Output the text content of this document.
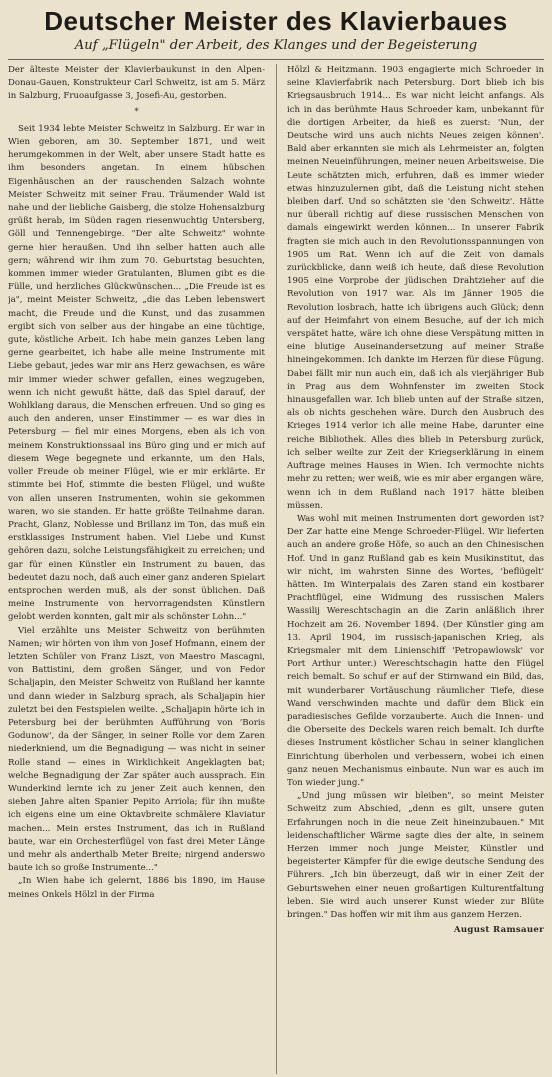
Deutscher Meister des Klavierbaues
Auf „Flügeln" der Arbeit, des Klanges und der Begeisterung

Der älteste Meister der Klavierbaukunst in den Alpen-Donau-Gauen, Konstrukteur Carl Schweitz, ist am 5. März in Salzburg, Fruoaufgasse 3, Josefi-Au, gestorben.

*

Seit 1934 lebte Meister Schweitz in Salzburg. Er war in Wien geboren, am 30. September 1871, und weit herumgekommen in der Welt, aber unsere Stadt hatte es ihm besonders angetan. In einem hübschen Eigenhäuschen an der rauschenden Salzach wohnte Meister Schweitz mit seiner Frau. Träumender Wald ist nahe und der liebliche Gaisberg, die stolze Hohensalzburg grüßt herab, im Süden ragen riesenwuchtig Untersberg, Göll und Tennengebirge. "Der alte Schweitz" wohnte gerne hier heraußen. Und ihn selber hatten auch alle gern; während wir ihm zum 70. Geburtstag besuchten, kommen immer wieder Gratulanten, Blumen gibt es die Fülle, und herzliches Glückwünschen... „Die Freude ist es ja", meint Meister Schweitz, „die das Leben lebenswert macht, die Freude und die Kunst, und das zusammen ergibt sich von selber aus der hingabe an eine tüchtige, gute, köstliche Arbeit. Ich habe mein ganzes Leben lang gerne gearbeitet, ich habe alle meine Instrumente mit Liebe gebaut, jedes war mir ans Herz gewachsen, es wäre mir immer wieder schwer gefallen, eines wegzugeben, wenn ich nicht gewußt hätte, daß das Spiel darauf, der Wohlklang daraus, die Menschen erfreuen. Und so ging es auch den anderen, unser Einstimmer — es war dies in Petersburg — fiel mir eines Morgens, eben als ich von meinem Konstruktionssaal ins Büro ging und er mich auf diesem Wege begegnete und erkannte, um den Hals, voller Freude ob meiner Flügel, wie er mir erklärte. Er stimmte bei Hof, stimmte die besten Flügel, und wußte von allen unseren Instrumenten, wohin sie gekommen waren, wo sie standen. Er hatte größte Teilnahme daran. Pracht, Glanz, Noblesse und Brillanz im Ton, das muß ein erstklassiges Instrument haben. Viel Liebe und Kunst gehören dazu, solche Leistungsfähigkeit zu erreichen; und gar für einen Künstler ein Instrument zu bauen, das bedeutet dazu noch, daß auch einer ganz anderen Spielart entsprochen werden muß, als der sonst üblichen. Daß meine Instrumente von hervorragendsten Künstlern gelobt werden konnten, galt mir als schönster Lohn..."

Viel erzählte uns Meister Schweitz von berühmten Namen; wir hörten von ihm von Josef Hofmann, einem der letzten Schüler von Franz Liszt, von Maestro Mascagni, von Battistini, dem großen Sänger, und von Fedor Schaljapin, den Meister Schweitz von Rußland her kannte und dann wieder in Salzburg sprach, als Schaljapin hier zuletzt bei den Festspielen weilte. „Schaljapin hörte ich in Petersburg bei der berühmten Aufführung von 'Boris Godunow', da der Sänger, in seiner Rolle vor dem Zaren niederkniend, um die Begnadigung — was nicht in seiner Rolle stand — eines in Wirklichkeit Angeklagten bat; welche Begnadigung der Zar später auch aussprach. Ein Wunderkind lernte ich zu jener Zeit auch kennen, den sieben Jahre alten Spanier Pepito Arriola; für ihn mußte ich eigens eine um eine Oktavbreite schmälere Klaviatur machen... Mein erstes Instrument, das ich in Rußland baute, war ein Orchesterflügel von fast drei Meter Länge und mehr als anderthalb Meter Breite; nirgend anderswo baute ich so große Instrumente..."

„In Wien habe ich gelernt, 1886 bis 1890, im Hause meines Onkels Hölzl in der Firma

Hölzl & Heitzmann. 1903 engagierte mich Schroeder in seine Klavierfabrik nach Petersburg. Dort blieb ich bis Kriegsausbruch 1914... Es war nicht leicht anfangs. Als ich in das berühmte Haus Schroeder kam, unbekannt für die dortigen Arbeiter, da hieß es zuerst: 'Nun, der Deutsche wird uns auch nichts Neues zeigen können'. Bald aber erkannten sie mich als Lehrmeister an, folgten meinen Neueinführungen, meiner neuen Arbeitsweise. Die Leute schätzten mich, erfuhren, daß es immer wieder etwas hinzuzulernen gibt, daß die Leistung nicht stehen bleiben darf. Und so schätzten sie 'den Schweitz'. Hätte nur überall richtig auf diese russischen Menschen von damals eingewirkt werden können... In unserer Fabrik fragten sie mich auch in den Revolutionsspannungen von 1905 um Rat. Wenn ich auf die Zeit von damals zurückblicke, dann weiß ich heute, daß diese Revolution 1905 eine Vorprobe der jüdischen Drahtzieher auf die Revolution von 1917 war. Als im Jänner 1905 die Revolution losbrach, hatte ich übrigens auch Glück; denn auf der Heimfahrt von einem Besuche, auf der ich mich verspätet hatte, wäre ich ohne diese Verspätung mitten in eine blutige Auseinandersetzung auf meiner Straße hineingekommen. Ich dankte im Herzen für diese Fügung. Dabei fällt mir nun auch ein, daß ich als vierjähriger Bub in Prag aus dem Wohnfenster im zweiten Stock hinausgefallen war. Ich blieb unten auf der Straße sitzen, als ob nichts geschehen wäre. Durch den Ausbruch des Krieges 1914 verlor ich alle meine Habe, darunter eine reiche Bibliothek. Alles dies blieb in Petersburg zurück, ich selber weilte zur Zeit der Kriegserklärung in einem Auftrage meines Hauses in Wien. Ich vermochte nichts mehr zu retten; wer weiß, wie es mir aber ergangen wäre, wenn ich in dem Rußland nach 1917 hätte bleiben müssen.

Was wohl mit meinen Instrumenten dort geworden ist? Der Zar hatte eine Menge Schroeder-Flügel. Wir lieferten auch an andere große Höfe, so auch an den Chinesischen Hof. Und in ganz Rußland gab es kein Musikinstitut, das wir nicht, im wahrsten Sinne des Wortes, 'beflügelt' hätten. Im Winterpalais des Zaren stand ein kostbarer Prachtflügel, eine Widmung des russischen Malers Wassilij Wereschtschagin an die Zarin anläßlich ihrer Hochzeit am 26. November 1894. (Der Künstler ging am 13. April 1904, im russisch-japanischen Krieg, als Kriegsmaler mit dem Linienschiff 'Petropawlowsk' vor Port Arthur unter.) Wereschtschagin hatte den Flügel reich bemalt. So schuf er auf der Stirnwand ein Bild, das, mit wunderbarer Vortäuschung räumlicher Tiefe, diese Wand verschwinden machte und dafür dem Blick ein paradiesisches Gefilde vorzauberte. Auch die Innen- und die Oberseite des Deckels waren reich bemalt. Ich durfte dieses Instrument köstlicher Schau in seiner klanglichen Einrichtung überholen und verbessern, wobei ich einen ganz neuen Mechanismus einbaute. Nun war es auch im Ton wieder jung."

„Und jung müssen wir bleiben", so meint Meister Schweitz zum Abschied, „denn es gilt, unsere guten Erfahrungen noch in die neue Zeit hineinzubauen." Mit leidenschaftlicher Wärme sagte dies der alte, in seinem Herzen immer noch junge Meister, Künstler und begeisterter Kämpfer für die ewige deutsche Sendung des Führers. „Ich bin überzeugt, daß wir in einer Zeit der Geburtswehen einer neuen großartigen Kulturentfaltung leben. Sie wird auch unserer Kunst wieder zur Blüte bringen." Das hoffen wir mit ihm aus ganzem Herzen.

August Ramsauer
